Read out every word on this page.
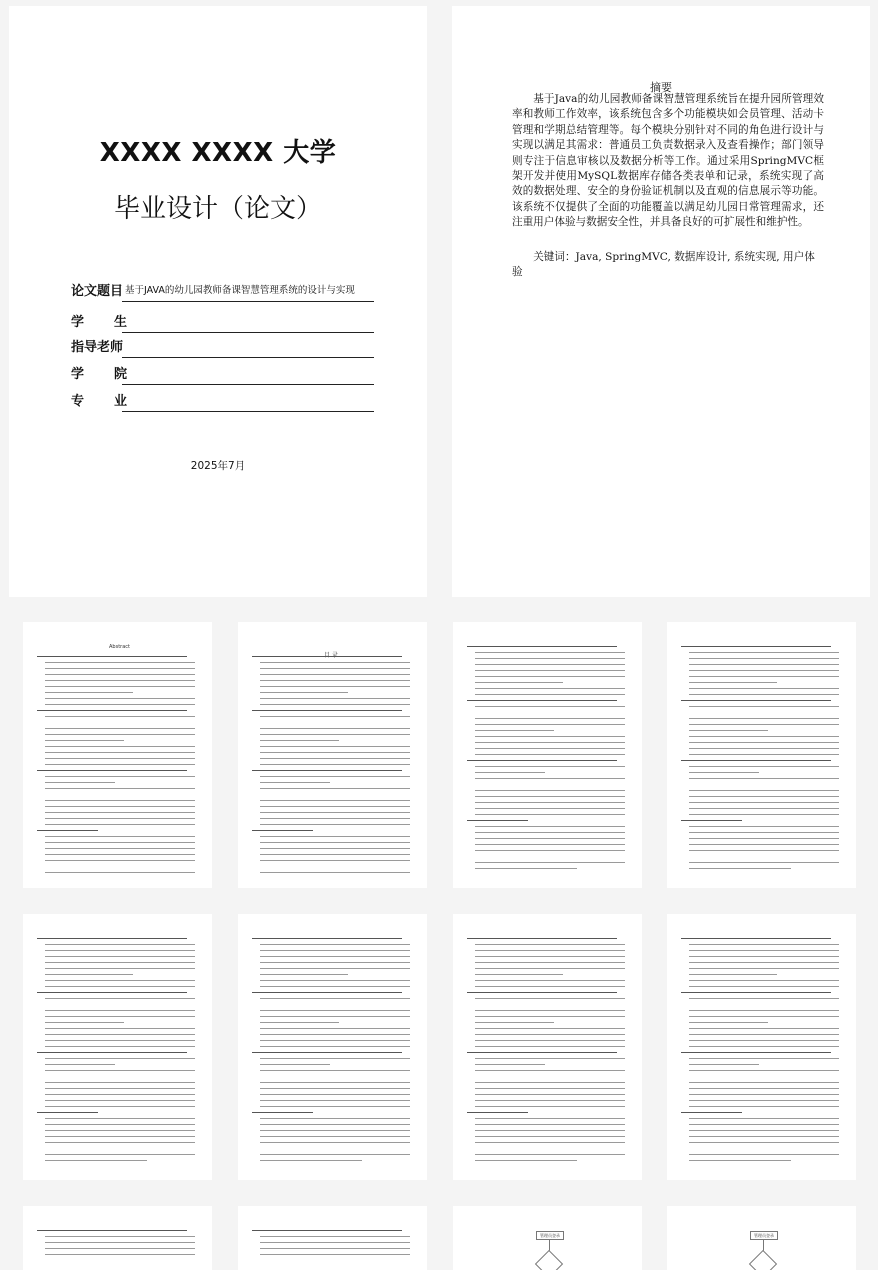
XXXX XXXX 大学
毕业设计（论文）
论文题目 基于JAVA的幼儿园教师备课智慧管理系统的设计与实现
学 生
指导老师
学 院
专 业
2025年7月
摘要
基于Java的幼儿园教师备课智慧管理系统旨在提升园所管理效率和教师工作效率，该系统包含多个功能模块如会员管理、活动卡管理和学期总结管理等。每个模块分别针对不同的角色进行设计与实现以满足其需求：普通员工负责数据录入及查看操作；部门领导则专注于信息审核以及数据分析等工作。通过采用SpringMVC框架开发并使用MySQL数据库存储各类表单和记录，系统实现了高效的数据处理、安全的身份验证机制以及直观的信息展示等功能。该系统不仅提供了全面的功能覆盖以满足幼儿园日常管理需求，还注重用户体验与数据安全性，并具备良好的可扩展性和维护性。
关键词：Java, SpringMVC, 数据库设计, 系统实现, 用户体验
Abstract
管理员登录	管理员登录
